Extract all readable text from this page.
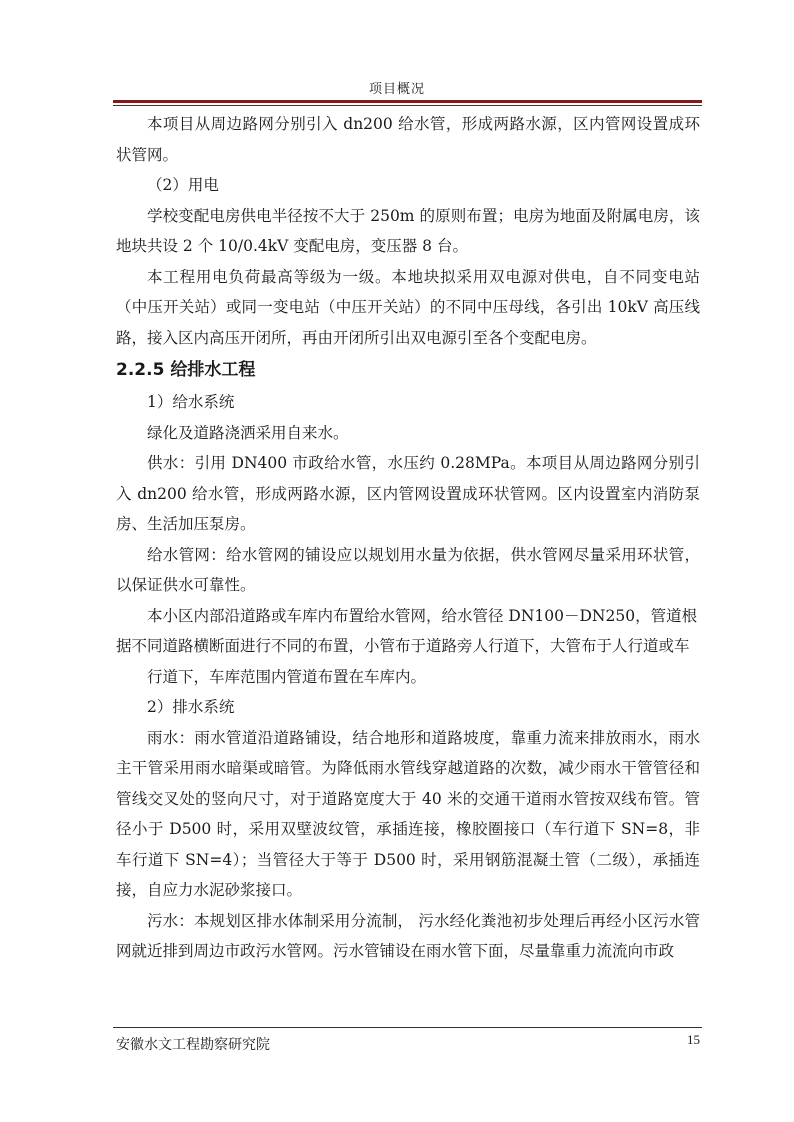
项目概况

本项目从周边路网分别引入 dn200 给水管，形成两路水源，区内管网设置成环状管网。

（2）用电

学校变配电房供电半径按不大于 250m 的原则布置；电房为地面及附属电房，该地块共设 2 个 10/0.4kV 变配电房，变压器 8 台。

本工程用电负荷最高等级为一级。本地块拟采用双电源对供电，自不同变电站（中压开关站）或同一变电站（中压开关站）的不同中压母线，各引出 10kV 高压线路，接入区内高压开闭所，再由开闭所引出双电源引至各个变配电房。

2.2.5 给排水工程

1）给水系统

绿化及道路浇洒采用自来水。

供水：引用 DN400 市政给水管，水压约 0.28MPa。本项目从周边路网分别引入 dn200 给水管，形成两路水源，区内管网设置成环状管网。区内设置室内消防泵房、生活加压泵房。

给水管网：给水管网的铺设应以规划用水量为依据，供水管网尽量采用环状管，以保证供水可靠性。

本小区内部沿道路或车库内布置给水管网，给水管径 DN100－DN250，管道根

据不同道路横断面进行不同的布置，小管布于道路旁人行道下，大管布于人行道或车

行道下，车库范围内管道布置在车库内。

2）排水系统

雨水：雨水管道沿道路铺设，结合地形和道路坡度，靠重力流来排放雨水，雨水主干管采用雨水暗渠或暗管。为降低雨水管线穿越道路的次数，减少雨水干管管径和管线交叉处的竖向尺寸，对于道路宽度大于 40 米的交通干道雨水管按双线布管。管径小于 D500 时，采用双壁波纹管，承插连接，橡胶圈接口（车行道下 SN=8，非车行道下 SN=4）；当管径大于等于 D500 时，采用钢筋混凝土管（二级），承插连接，自应力水泥砂浆接口。

污水：本规划区排水体制采用分流制， 污水经化粪池初步处理后再经小区污水管网就近排到周边市政污水管网。污水管铺设在雨水管下面，尽量靠重力流流向市政

安徽水文工程勘察研究院	15
